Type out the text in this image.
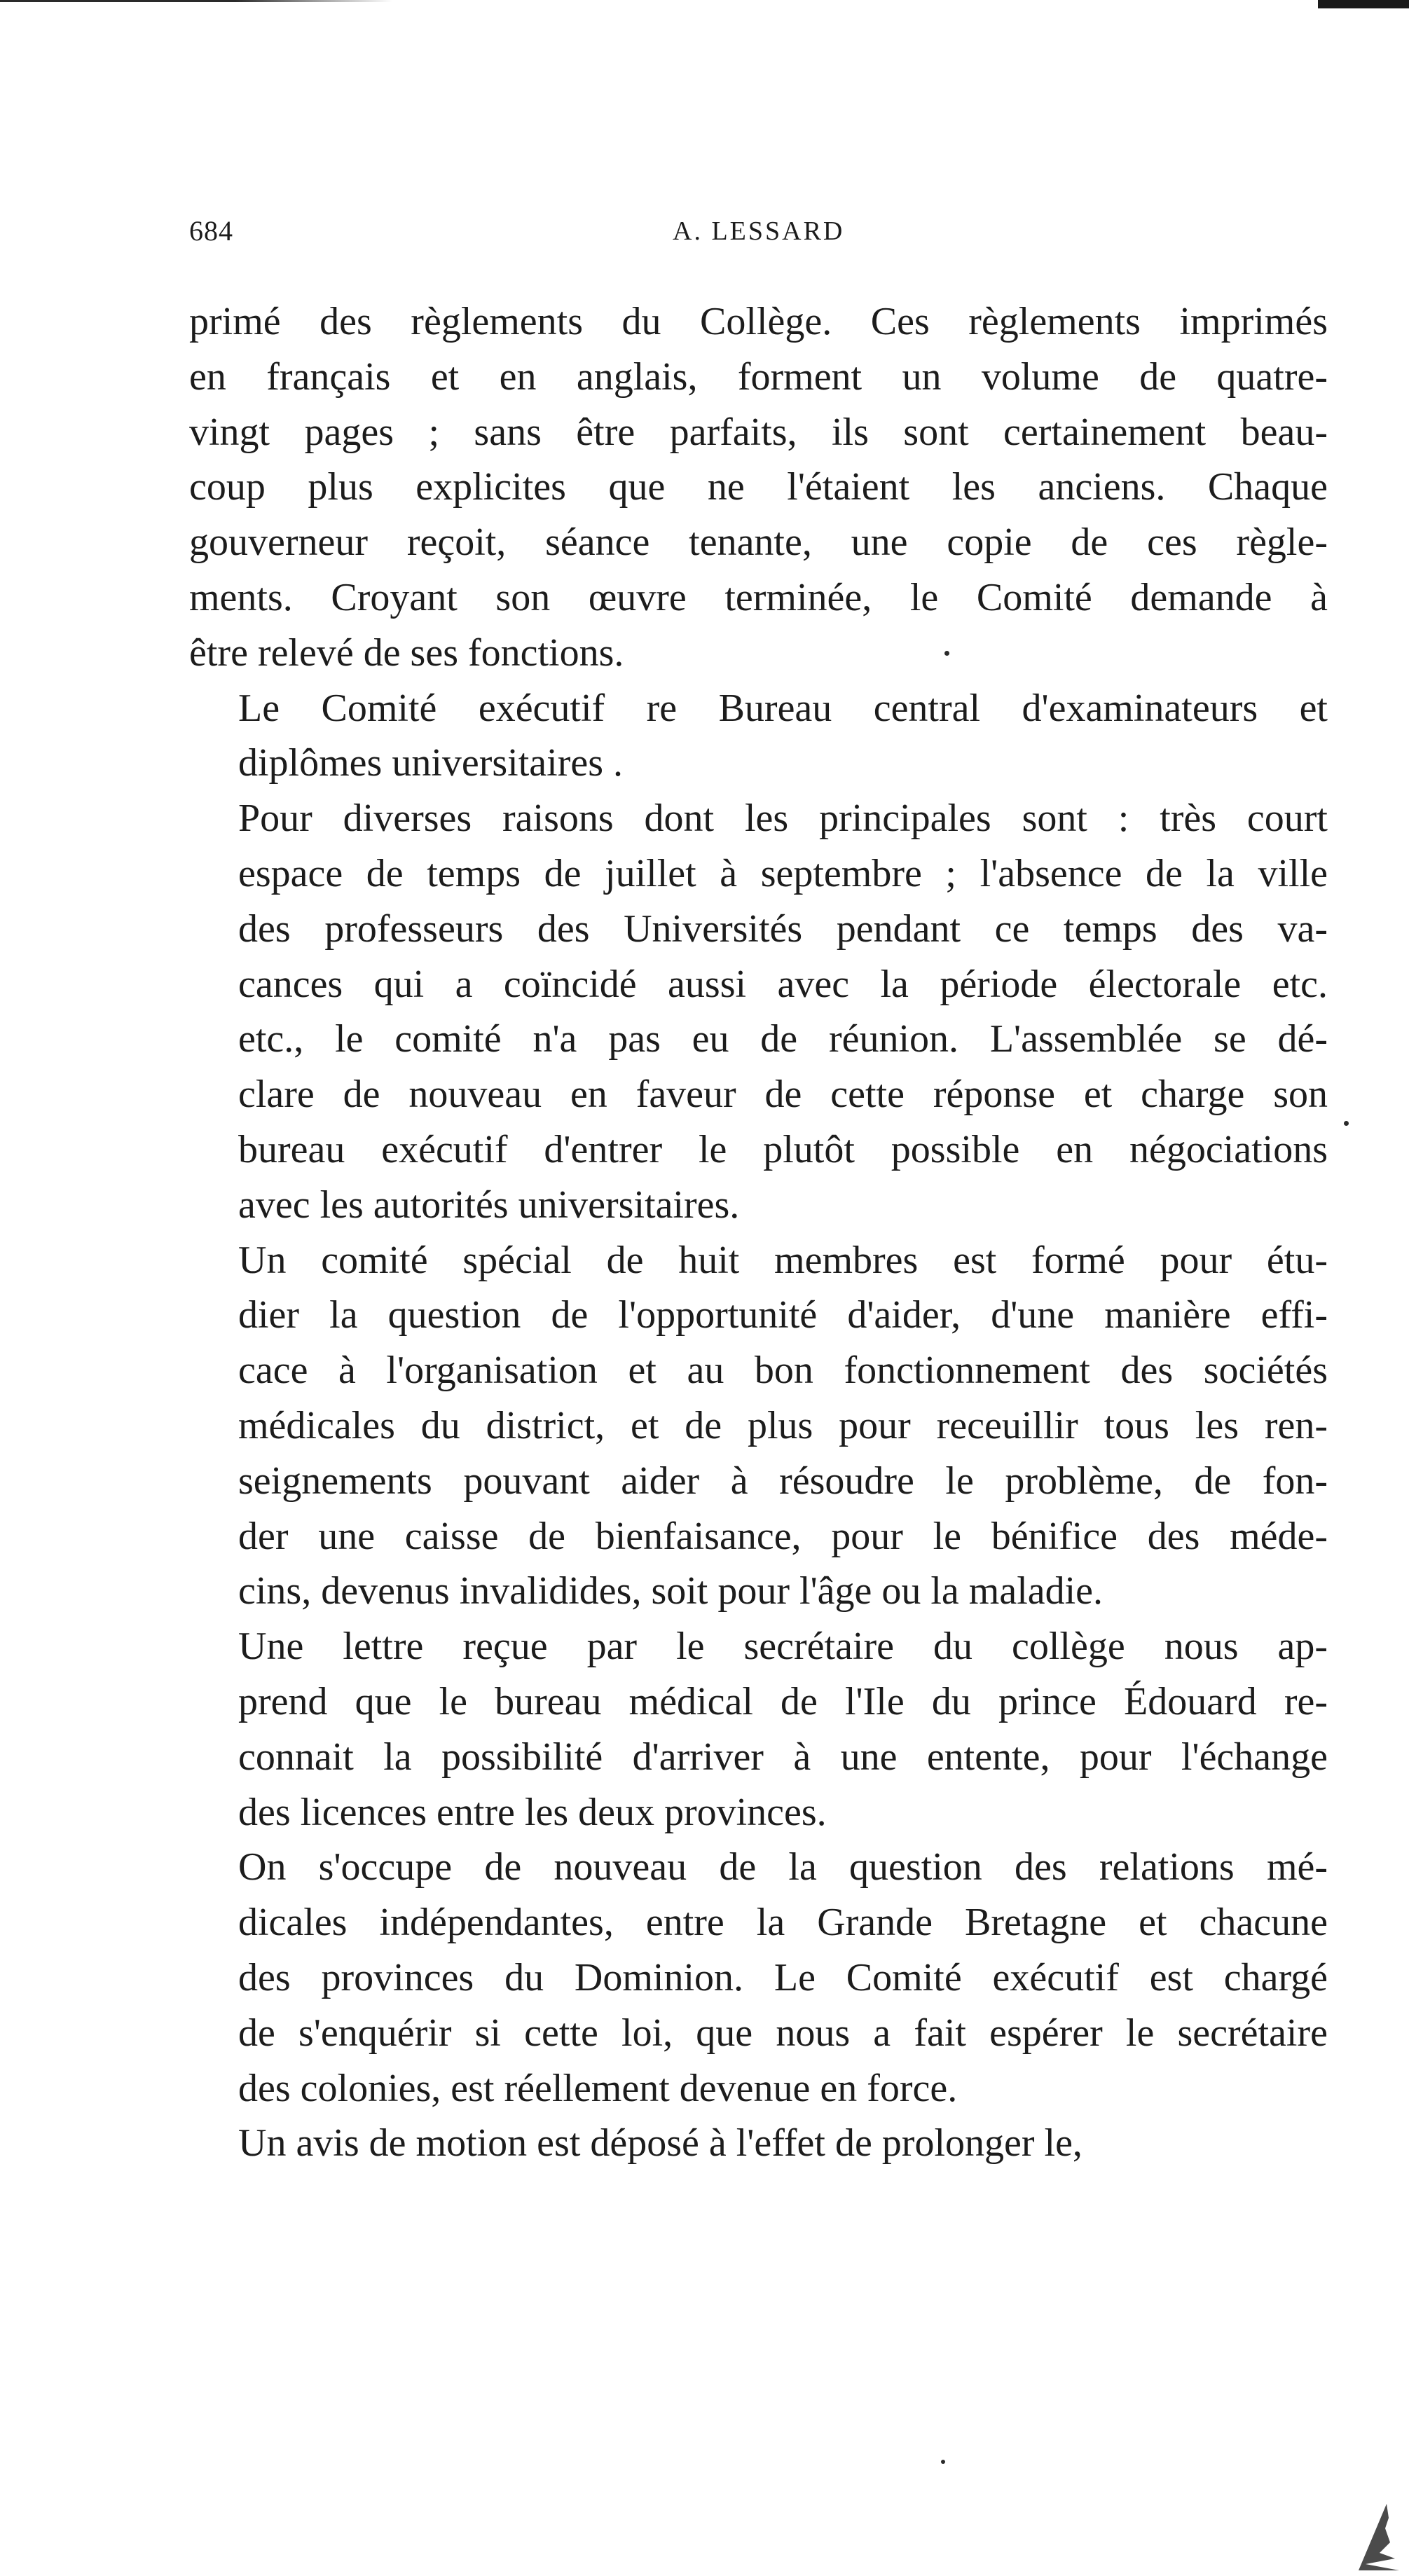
684	A. LESSARD

primé des règlements du Collège. Ces règlements imprimés
en français et en anglais, forment un volume de quatre-
vingt pages ; sans être parfaits, ils sont certainement beau-
coup plus explicites que ne l'étaient les anciens. Chaque
gouverneur reçoit, séance tenante, une copie de ces règle-
ments. Croyant son œuvre terminée, le Comité demande à
être relevé de ses fonctions.

Le Comité exécutif re Bureau central d'examinateurs et
diplômes universitaires .

Pour diverses raisons dont les principales sont : très court
espace de temps de juillet à septembre ; l'absence de la ville
des professeurs des Universités pendant ce temps des va-
cances qui a coïncidé aussi avec la période électorale etc.
etc., le comité n'a pas eu de réunion. L'assemblée se dé-
clare de nouveau en faveur de cette réponse et charge son
bureau exécutif d'entrer le plutôt possible en négociations
avec les autorités universitaires.

Un comité spécial de huit membres est formé pour étu-
dier la question de l'opportunité d'aider, d'une manière effi-
cace à l'organisation et au bon fonctionnement des sociétés
médicales du district, et de plus pour receuillir tous les ren-
seignements pouvant aider à résoudre le problème, de fon-
der une caisse de bienfaisance, pour le bénifice des méde-
cins, devenus invalidides, soit pour l'âge ou la maladie.

Une lettre reçue par le secrétaire du collège nous ap-
prend que le bureau médical de l'Ile du prince Édouard re-
connait la possibilité d'arriver à une entente, pour l'échange
des licences entre les deux provinces.

On s'occupe de nouveau de la question des relations mé-
dicales indépendantes, entre la Grande Bretagne et chacune
des provinces du Dominion. Le Comité exécutif est chargé
de s'enquérir si cette loi, que nous a fait espérer le secrétaire
des colonies, est réellement devenue en force.

Un avis de motion est déposé à l'effet de prolonger le,
